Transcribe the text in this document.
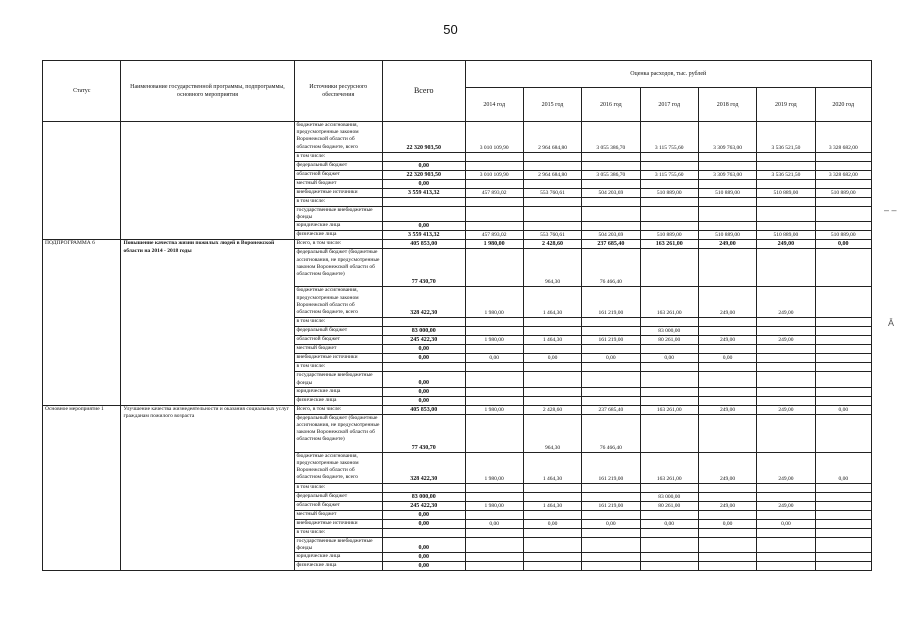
50
Статус	Наименование государственной программы, подпрограммы, основного мероприятия	Источники ресурсного обеспечения	Всего	Оценка расходов, тыс. рублей						
				2014 год	2015 год	2016 год	2017 год	2018 год	2019 год	2020 год
		бюджетные ассигнования, предусмотренные законом Воронежской области об областном бюджете, всего	22 320 903,50	3 010 109,90	2 964 684,80	3 055 386,70	3 115 755,60	3 309 763,00	3 536 521,50	3 328 682,00
		в том числе:								
		федеральный бюджет	0,00							
		областной бюджет	22 320 903,50	3 010 109,90	2 964 684,80	3 055 386,70	3 115 755,60	3 309 763,00	3 536 521,50	3 328 682,00
		местный бюджет	0,00							
		внебюджетные источники	3 559 413,32	457 893,02	553 760,61	504 203,69	510 889,00	510 889,00	510 889,00	510 889,00
		в том числе:								
		государственные внебюджетные фонды								
		юридические лица	0,00							
		физические лица	3 559 413,32	457 893,02	553 760,61	504 203,69	510 889,00	510 889,00	510 889,00	510 889,00
ПОДПРОГРАММА 6	Повышение качества жизни пожилых людей в Воронежской области на 2014 - 2018 годы	Всего, в том числе:	405 853,00	1 980,00	2 428,60	237 685,40	163 261,00	249,00	249,00	0,00
		федеральный бюджет (бюджетные ассигнования, не предусмотренные законом Воронежской области об областном бюджете)	77 430,70		964,30	76 466,40				
		бюджетные ассигнования, предусмотренные законом Воронежской области об областном бюджете, всего	328 422,30	1 980,00	1 464,30	161 219,00	163 261,00	249,00	249,00	
		в том числе:								
		федеральный бюджет	83 000,00				83 000,00			
		областной бюджет	245 422,30	1 980,00	1 464,30	161 219,00	80 261,00	249,00	249,00	
		местный бюджет	0,00							
		внебюджетные источники	0,00	0,00	0,00	0,00	0,00	0,00		
		в том числе:								
		государственные внебюджетные фонды	0,00							
		юридические лица	0,00							
		физические лица	0,00							
Основное мероприятие 1	Улучшение качества жизнедеятельности и оказания социальных услуг гражданам пожилого возраста	Всего, в том числе:	405 853,00	1 980,00	2 428,60	237 685,40	163 261,00	249,00	249,00	0,00
		федеральный бюджет (бюджетные ассигнования, не предусмотренные законом Воронежской области об областном бюджете)	77 430,70		964,30	76 466,40				
		бюджетные ассигнования, предусмотренные законом Воронежской области об областном бюджете, всего	328 422,30	1 980,00	1 464,30	161 219,00	163 261,00	249,00	249,00	0,00
		в том числе:								
		федеральный бюджет	83 000,00				83 000,00			
		областной бюджет	245 422,30	1 980,00	1 464,30	161 219,00	80 261,00	249,00	249,00	
		местный бюджет	0,00							
		внебюджетные источники	0,00	0,00	0,00	0,00	0,00	0,00	0,00	
		в том числе:								
		государственные внебюджетные фонды	0,00							
		юридические лица	0,00							
		физические лица	0,00							
– –
Ā
